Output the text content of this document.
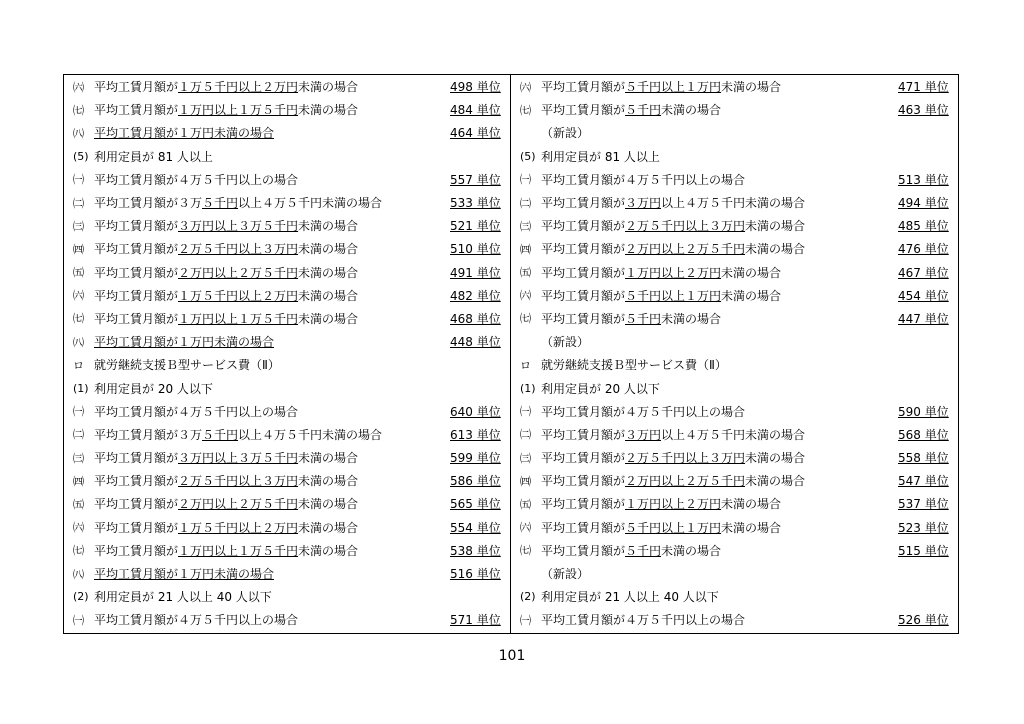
㈥ 平均工賃月額が１万５千円以上２万円未満の場合	498 単位
㈦ 平均工賃月額が１万円以上１万５千円未満の場合	484 単位
㈧ 平均工賃月額が１万円未満の場合	464 単位
(5) 利用定員が 81 人以上
㈠ 平均工賃月額が４万５千円以上の場合	557 単位
㈡ 平均工賃月額が３万５千円以上４万５千円未満の場合	533 単位
㈢ 平均工賃月額が３万円以上３万５千円未満の場合	521 単位
㈣ 平均工賃月額が２万５千円以上３万円未満の場合	510 単位
㈤ 平均工賃月額が２万円以上２万５千円未満の場合	491 単位
㈥ 平均工賃月額が１万５千円以上２万円未満の場合	482 単位
㈦ 平均工賃月額が１万円以上１万５千円未満の場合	468 単位
㈧ 平均工賃月額が１万円未満の場合	448 単位
ロ 就労継続支援Ｂ型サービス費（Ⅱ）
(1) 利用定員が 20 人以下
㈠ 平均工賃月額が４万５千円以上の場合	640 単位
㈡ 平均工賃月額が３万５千円以上４万５千円未満の場合	613 単位
㈢ 平均工賃月額が３万円以上３万５千円未満の場合	599 単位
㈣ 平均工賃月額が２万５千円以上３万円未満の場合	586 単位
㈤ 平均工賃月額が２万円以上２万５千円未満の場合	565 単位
㈥ 平均工賃月額が１万５千円以上２万円未満の場合	554 単位
㈦ 平均工賃月額が１万円以上１万５千円未満の場合	538 単位
㈧ 平均工賃月額が１万円未満の場合	516 単位
(2) 利用定員が 21 人以上 40 人以下
㈠ 平均工賃月額が４万５千円以上の場合	571 単位
㈥ 平均工賃月額が５千円以上１万円未満の場合	471 単位
㈦ 平均工賃月額が５千円未満の場合	463 単位
（新設）
(5) 利用定員が 81 人以上
㈠ 平均工賃月額が４万５千円以上の場合	513 単位
㈡ 平均工賃月額が３万円以上４万５千円未満の場合	494 単位
㈢ 平均工賃月額が２万５千円以上３万円未満の場合	485 単位
㈣ 平均工賃月額が２万円以上２万５千円未満の場合	476 単位
㈤ 平均工賃月額が１万円以上２万円未満の場合	467 単位
㈥ 平均工賃月額が５千円以上１万円未満の場合	454 単位
㈦ 平均工賃月額が５千円未満の場合	447 単位
（新設）
ロ 就労継続支援Ｂ型サービス費（Ⅱ）
(1) 利用定員が 20 人以下
㈠ 平均工賃月額が４万５千円以上の場合	590 単位
㈡ 平均工賃月額が３万円以上４万５千円未満の場合	568 単位
㈢ 平均工賃月額が２万５千円以上３万円未満の場合	558 単位
㈣ 平均工賃月額が２万円以上２万５千円未満の場合	547 単位
㈤ 平均工賃月額が１万円以上２万円未満の場合	537 単位
㈥ 平均工賃月額が５千円以上１万円未満の場合	523 単位
㈦ 平均工賃月額が５千円未満の場合	515 単位
（新設）
(2) 利用定員が 21 人以上 40 人以下
㈠ 平均工賃月額が４万５千円以上の場合	526 単位
101
